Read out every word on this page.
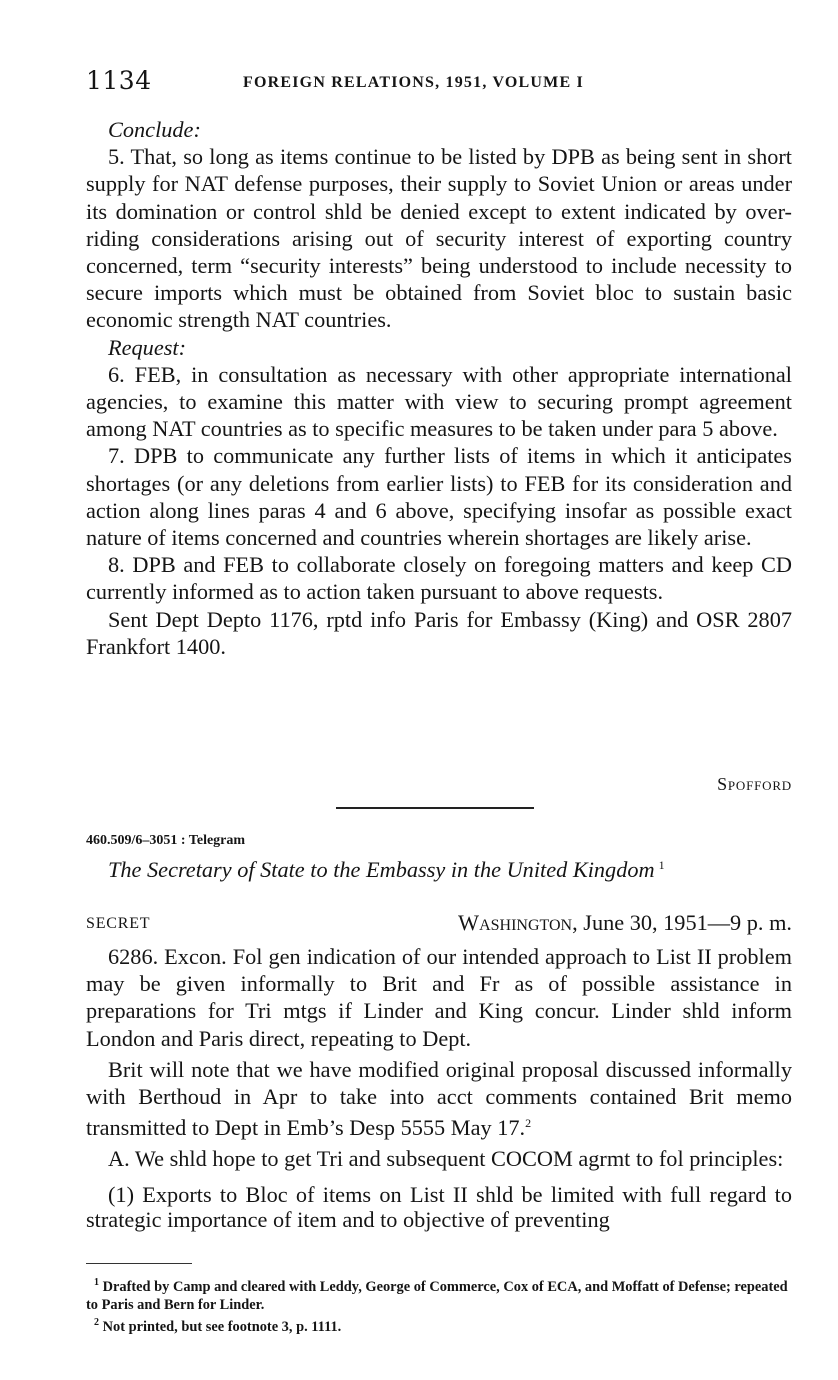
1134	FOREIGN RELATIONS, 1951, VOLUME I

Conclude:

5. That, so long as items continue to be listed by DPB as being sent in short supply for NAT defense purposes, their supply to Soviet Union or areas under its domination or control shld be denied except to extent indicated by over-riding considerations arising out of security interest of exporting country concerned, term “security interests” being understood to include necessity to secure imports which must be obtained from Soviet bloc to sustain basic economic strength NAT countries.

Request:

6. FEB, in consultation as necessary with other appropriate international agencies, to examine this matter with view to securing prompt agreement among NAT countries as to specific measures to be taken under para 5 above.

7. DPB to communicate any further lists of items in which it anticipates shortages (or any deletions from earlier lists) to FEB for its consideration and action along lines paras 4 and 6 above, specifying insofar as possible exact nature of items concerned and countries wherein shortages are likely arise.

8. DPB and FEB to collaborate closely on foregoing matters and keep CD currently informed as to action taken pursuant to above requests.

Sent Dept Depto 1176, rptd info Paris for Embassy (King) and OSR 2807 Frankfort 1400.

Spofford
460.509/6–3051 : Telegram
The Secretary of State to the Embassy in the United Kingdom $^1$
SECRET	Washington, June 30, 1951—9 p. m.

6286. Excon. Fol gen indication of our intended approach to List II problem may be given informally to Brit and Fr as of possible assistance in preparations for Tri mtgs if Linder and King concur. Linder shld inform London and Paris direct, repeating to Dept.

Brit will note that we have modified original proposal discussed informally with Berthoud in Apr to take into acct comments contained Brit memo transmitted to Dept in Emb’s Desp 5555 May 17.$^2$

A. We shld hope to get Tri and subsequent COCOM agrmt to fol principles:

(1) Exports to Bloc of items on List II shld be limited with full regard to strategic importance of item and to objective of preventing

$^1$ Drafted by Camp and cleared with Leddy, George of Commerce, Cox of ECA, and Moffatt of Defense; repeated to Paris and Bern for Linder.

$^2$ Not printed, but see footnote 3, p. 1111.
